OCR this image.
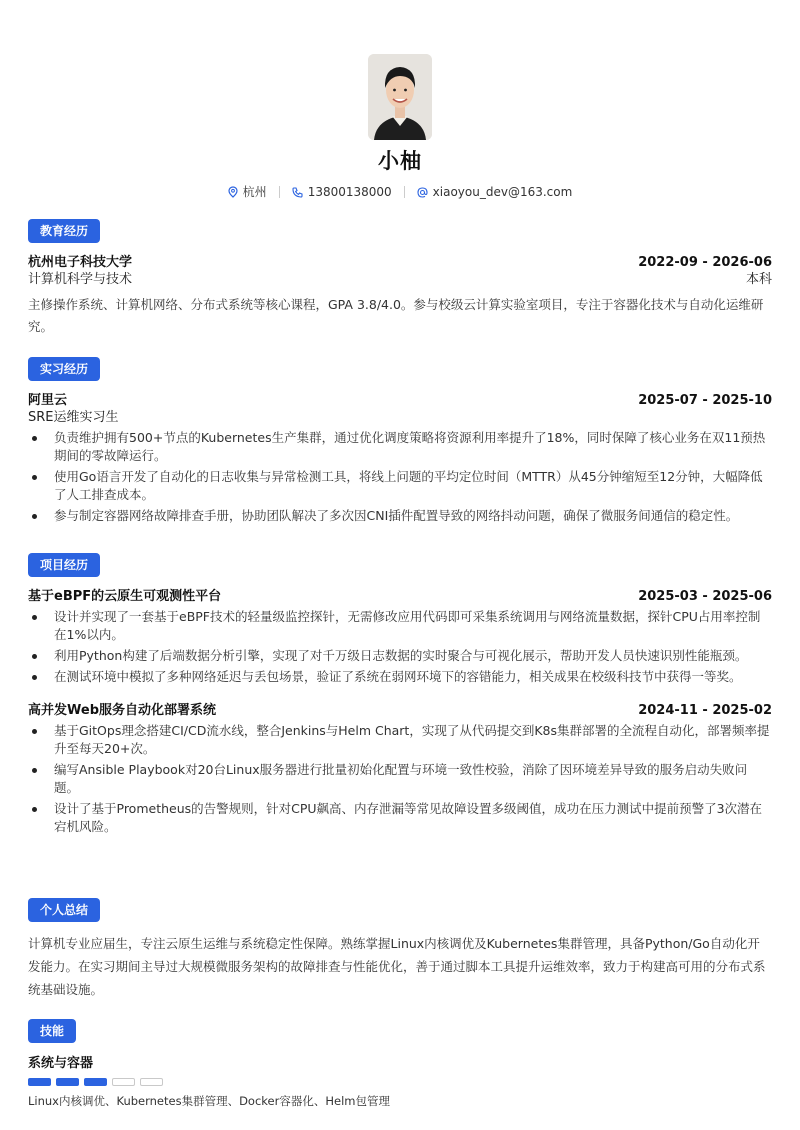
小柚
杭州	13800138000	xiaoyou_dev@163.com
教育经历
杭州电子科技大学	2022-09 - 2026-06
计算机科学与技术	本科
主修操作系统、计算机网络、分布式系统等核心课程，GPA 3.8/4.0。参与校级云计算实验室项目，专注于容器化技术与自动化运维研究。
实习经历
阿里云	2025-07 - 2025-10
SRE运维实习生
负责维护拥有500+节点的Kubernetes生产集群，通过优化调度策略将资源利用率提升了18%，同时保障了核心业务在双11预热期间的零故障运行。
使用Go语言开发了自动化的日志收集与异常检测工具，将线上问题的平均定位时间（MTTR）从45分钟缩短至12分钟，大幅降低了人工排查成本。
参与制定容器网络故障排查手册，协助团队解决了多次因CNI插件配置导致的网络抖动问题，确保了微服务间通信的稳定性。
项目经历
基于eBPF的云原生可观测性平台	2025-03 - 2025-06
设计并实现了一套基于eBPF技术的轻量级监控探针，无需修改应用代码即可采集系统调用与网络流量数据，探针CPU占用率控制在1%以内。
利用Python构建了后端数据分析引擎，实现了对千万级日志数据的实时聚合与可视化展示，帮助开发人员快速识别性能瓶颈。
在测试环境中模拟了多种网络延迟与丢包场景，验证了系统在弱网环境下的容错能力，相关成果在校级科技节中获得一等奖。
高并发Web服务自动化部署系统	2024-11 - 2025-02
基于GitOps理念搭建CI/CD流水线，整合Jenkins与Helm Chart，实现了从代码提交到K8s集群部署的全流程自动化，部署频率提升至每天20+次。
编写Ansible Playbook对20台Linux服务器进行批量初始化配置与环境一致性校验，消除了因环境差异导致的服务启动失败问题。
设计了基于Prometheus的告警规则，针对CPU飙高、内存泄漏等常见故障设置多级阈值，成功在压力测试中提前预警了3次潜在宕机风险。
个人总结
计算机专业应届生，专注云原生运维与系统稳定性保障。熟练掌握Linux内核调优及Kubernetes集群管理，具备Python/Go自动化开发能力。在实习期间主导过大规模微服务架构的故障排查与性能优化，善于通过脚本工具提升运维效率，致力于构建高可用的分布式系统基础设施。
技能
系统与容器
Linux内核调优、Kubernetes集群管理、Docker容器化、Helm包管理
